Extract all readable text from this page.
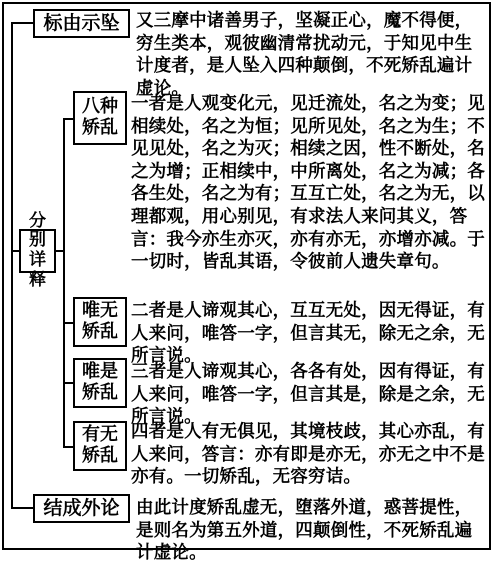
标由示坠 又三摩中诸善男子，坚凝正心，魔不得便，穷生类本，观彼幽清常扰动元，于知见中生计度者，是人坠入四种颠倒，不死矫乱遍计虚论。
分别
详释
八种
矫乱
一者是人观变化元，见迁流处，名之为变；见相续处，名之为恒；见所见处，名之为生；不见见处，名之为灭；相续之因，性不断处，名之为增；正相续中，中所离处，名之为减；各各生处，名之为有；互互亡处，名之为无，以理都观，用心别见，有求法人来问其义，答言：我今亦生亦灭，亦有亦无，亦增亦减。于一切时，皆乱其语，令彼前人遗失章句。
唯无
矫乱
二者是人谛观其心，互互无处，因无得证，有人来问，唯答一字，但言其无，除无之余，无所言说。
唯是
矫乱
三者是人谛观其心，各各有处，因有得证，有人来问，唯答一字，但言其是，除是之余，无所言说。
有无
矫乱
四者是人有无俱见，其境枝歧，其心亦乱，有人来问，答言：亦有即是亦无，亦无之中不是亦有。一切矫乱，无容穷诘。
结成外论 由此计度矫乱虚无，堕落外道，惑菩提性，是则名为第五外道，四颠倒性，不死矫乱遍计虚论。
